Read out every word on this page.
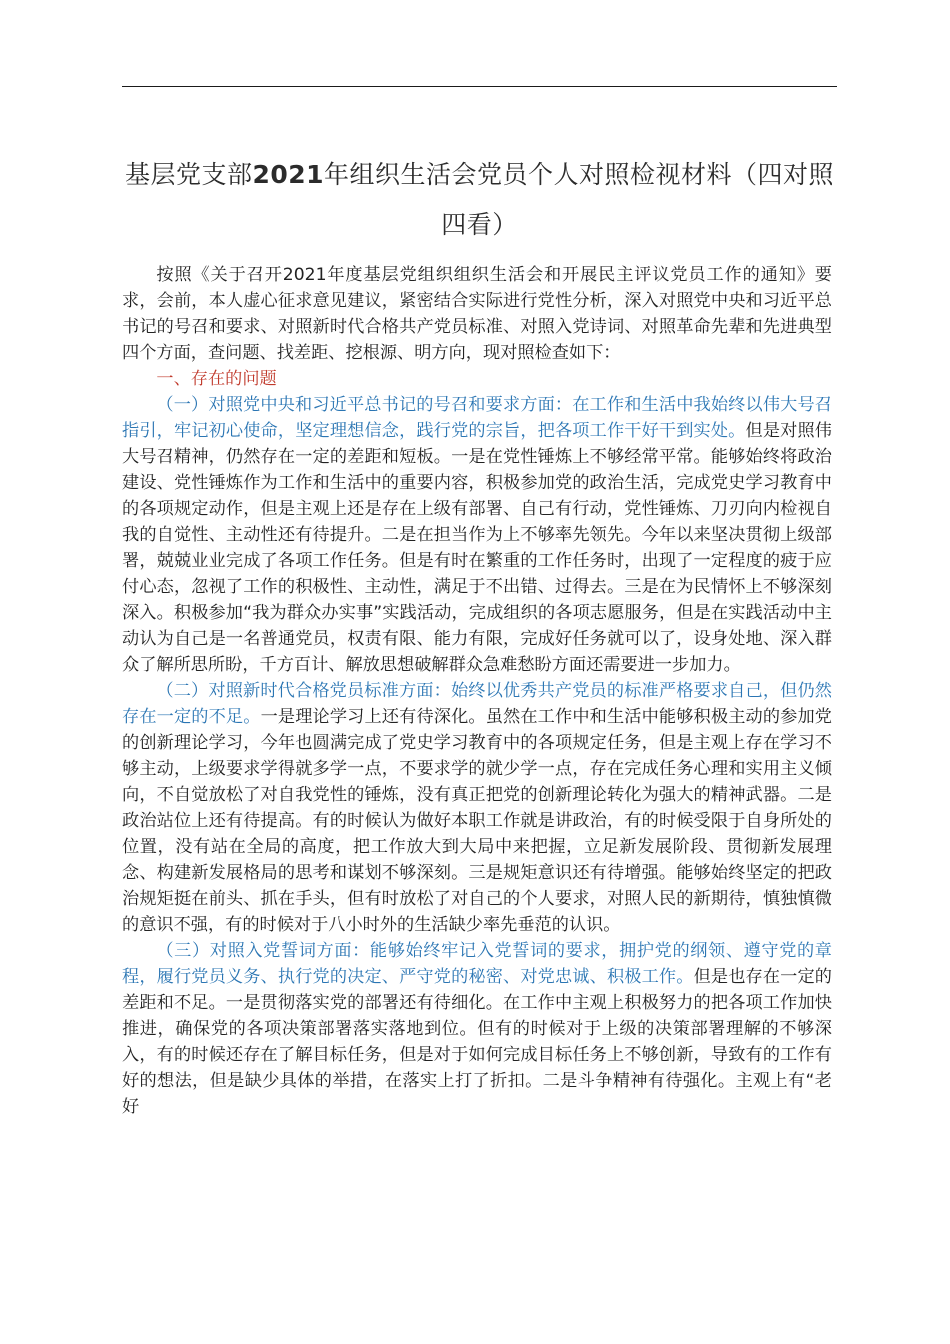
基层党支部2021年组织生活会党员个人对照检视材料（四对照四看）

按照《关于召开2021年度基层党组织组织生活会和开展民主评议党员工作的通知》要求，会前，本人虚心征求意见建议，紧密结合实际进行党性分析，深入对照党中央和习近平总书记的号召和要求、对照新时代合格共产党员标准、对照入党诗词、对照革命先辈和先进典型四个方面，查问题、找差距、挖根源、明方向，现对照检查如下：

一、存在的问题

（一）对照党中央和习近平总书记的号召和要求方面：在工作和生活中我始终以伟大号召指引，牢记初心使命，坚定理想信念，践行党的宗旨，把各项工作干好干到实处。但是对照伟大号召精神，仍然存在一定的差距和短板。一是在党性锤炼上不够经常平常。能够始终将政治建设、党性锤炼作为工作和生活中的重要内容，积极参加党的政治生活，完成党史学习教育中的各项规定动作，但是主观上还是存在上级有部署、自己有行动，党性锤炼、刀刃向内检视自我的自觉性、主动性还有待提升。二是在担当作为上不够率先领先。今年以来坚决贯彻上级部署，兢兢业业完成了各项工作任务。但是有时在繁重的工作任务时，出现了一定程度的疲于应付心态，忽视了工作的积极性、主动性，满足于不出错、过得去。三是在为民情怀上不够深刻深入。积极参加“我为群众办实事”实践活动，完成组织的各项志愿服务，但是在实践活动中主动认为自己是一名普通党员，权责有限、能力有限，完成好任务就可以了，设身处地、深入群众了解所思所盼，千方百计、解放思想破解群众急难愁盼方面还需要进一步加力。

（二）对照新时代合格党员标准方面：始终以优秀共产党员的标准严格要求自己，但仍然存在一定的不足。一是理论学习上还有待深化。虽然在工作中和生活中能够积极主动的参加党的创新理论学习，今年也圆满完成了党史学习教育中的各项规定任务，但是主观上存在学习不够主动，上级要求学得就多学一点，不要求学的就少学一点，存在完成任务心理和实用主义倾向，不自觉放松了对自我党性的锤炼，没有真正把党的创新理论转化为强大的精神武器。二是政治站位上还有待提高。有的时候认为做好本职工作就是讲政治，有的时候受限于自身所处的位置，没有站在全局的高度，把工作放大到大局中来把握，立足新发展阶段、贯彻新发展理念、构建新发展格局的思考和谋划不够深刻。三是规矩意识还有待增强。能够始终坚定的把政治规矩挺在前头、抓在手头，但有时放松了对自己的个人要求，对照人民的新期待，慎独慎微的意识不强，有的时候对于八小时外的生活缺少率先垂范的认识。

（三）对照入党誓词方面：能够始终牢记入党誓词的要求，拥护党的纲领、遵守党的章程，履行党员义务、执行党的决定、严守党的秘密、对党忠诚、积极工作。但是也存在一定的差距和不足。一是贯彻落实党的部署还有待细化。在工作中主观上积极努力的把各项工作加快推进，确保党的各项决策部署落实落地到位。但有的时候对于上级的决策部署理解的不够深入，有的时候还存在了解目标任务，但是对于如何完成目标任务上不够创新，导致有的工作有好的想法，但是缺少具体的举措，在落实上打了折扣。二是斗争精神有待强化。主观上有“老好
